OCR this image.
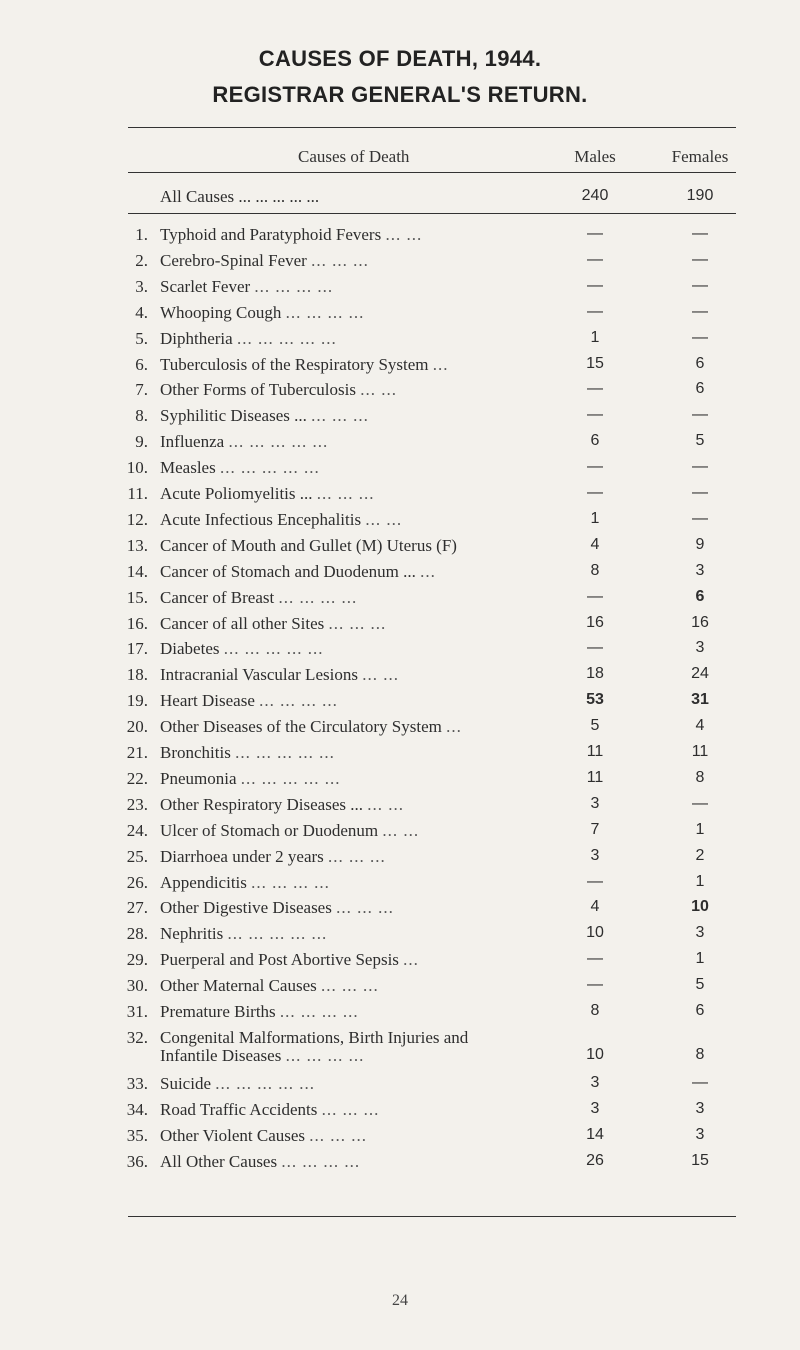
CAUSES OF DEATH, 1944.
REGISTRAR GENERAL'S RETURN.
Causes of Death	Males	Females
All Causes ... ... ... ... ...	240	190
1. Typhoid and Paratyphoid Fevers ... ...	—	—
2. Cerebro-Spinal Fever ... ... ...	—	—
3. Scarlet Fever ... ... ... ...	—	—
4. Whooping Cough ... ... ... ...	—	—
5. Diphtheria ... ... ... ... ...	1	—
6. Tuberculosis of the Respiratory System ...	15	6
7. Other Forms of Tuberculosis ... ...	—	6
8. Syphilitic Diseases ... ... ... ...	—	—
9. Influenza ... ... ... ... ...	6	5
10. Measles ... ... ... ... ...	—	—
11. Acute Poliomyelitis ... ... ... ...	—	—
12. Acute Infectious Encephalitis ... ...	1	—
13. Cancer of Mouth and Gullet (M) Uterus (F)	4	9
14. Cancer of Stomach and Duodenum ... ...	8	3
15. Cancer of Breast ... ... ... ...	—	6
16. Cancer of all other Sites ... ... ...	16	16
17. Diabetes ... ... ... ... ...	—	3
18. Intracranial Vascular Lesions ... ...	18	24
19. Heart Disease ... ... ... ...	53	31
20. Other Diseases of the Circulatory System ...	5	4
21. Bronchitis ... ... ... ... ...	11	11
22. Pneumonia ... ... ... ... ...	11	8
23. Other Respiratory Diseases ... ... ...	3	—
24. Ulcer of Stomach or Duodenum ... ...	7	1
25. Diarrhoea under 2 years ... ... ...	3	2
26. Appendicitis ... ... ... ...	—	1
27. Other Digestive Diseases ... ... ...	4	10
28. Nephritis ... ... ... ... ...	10	3
29. Puerperal and Post Abortive Sepsis ...	—	1
30. Other Maternal Causes ... ... ...	—	5
31. Premature Births ... ... ... ...	8	6
32. Congenital Malformations, Birth Injuries and
Infantile Diseases ... ... ... ...	10	8
33. Suicide ... ... ... ... ...	3	—
34. Road Traffic Accidents ... ... ...	3	3
35. Other Violent Causes ... ... ...	14	3
36. All Other Causes ... ... ... ...	26	15
24
